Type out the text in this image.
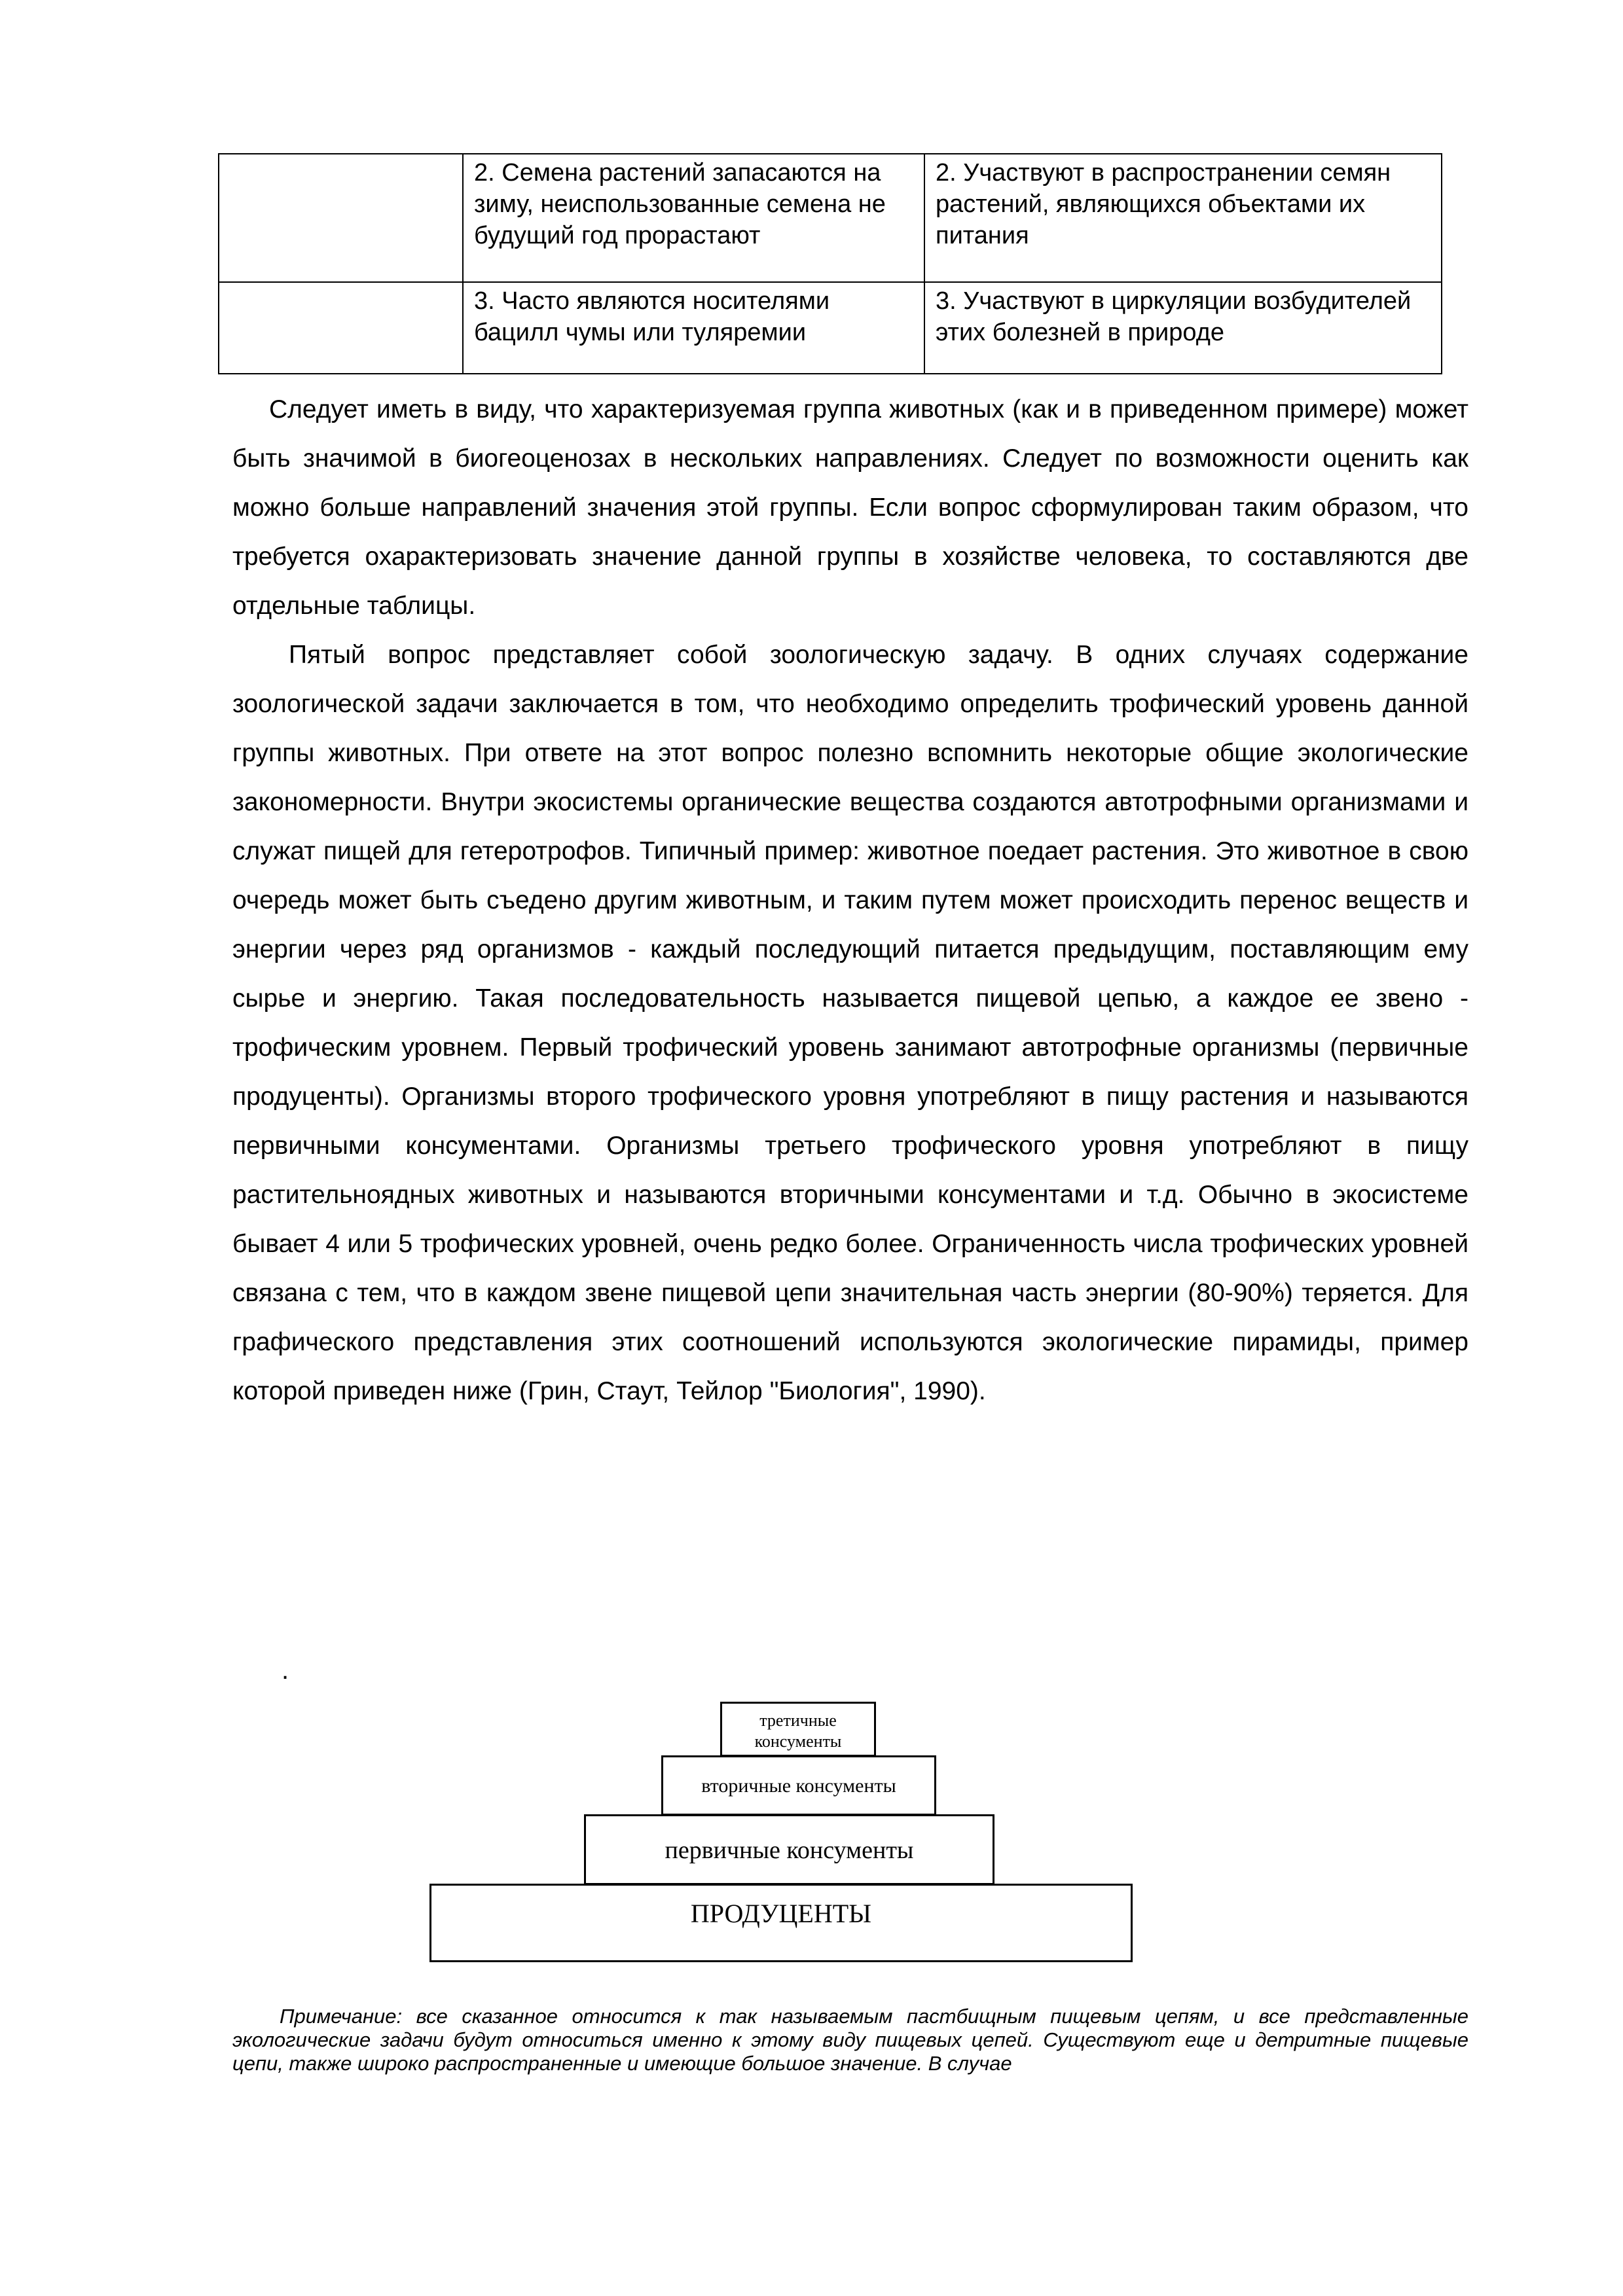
	2. Семена растений запасаются на зиму, неиспользованные семена не будущий год прорастают	2. Участвуют в распространении семян растений, являющихся объектами их питания
	3. Часто являются носителями бацилл чумы или туляремии	3. Участвуют в циркуляции возбудителей этих болезней в природе

Следует иметь в виду, что характеризуемая группа животных (как и в приведенном примере) может быть значимой в биогеоценозах в нескольких направлениях. Следует по возможности оценить как можно больше направлений значения этой группы. Если вопрос сформулирован таким образом, что требуется охарактеризовать значение данной группы в хозяйстве человека, то составляются две отдельные таблицы.

Пятый вопрос представляет собой зоологическую задачу. В одних случаях содержание зоологической задачи заключается в том, что необходимо определить трофический уровень данной группы животных. При ответе на этот вопрос полезно вспомнить некоторые общие экологические закономерности. Внутри экосистемы органические вещества создаются автотрофными организмами и служат пищей для гетеротрофов. Типичный пример: животное поедает растения. Это животное в свою очередь может быть съедено другим животным, и таким путем может происходить перенос веществ и энергии через ряд организмов - каждый последующий питается предыдущим, поставляющим ему сырье и энергию. Такая последовательность называется пищевой цепью, а каждое ее звено - трофическим уровнем. Первый трофический уровень занимают автотрофные организмы (первичные продуценты). Организмы второго трофического уровня употребляют в пищу растения и называются первичными консументами. Организмы третьего трофического уровня употребляют в пищу растительноядных животных и называются вторичными консументами и т.д. Обычно в экосистеме бывает 4 или 5 трофических уровней, очень редко более. Ограниченность числа трофических уровней связана с тем, что в каждом звене пищевой цепи значительная часть энергии (80-90%) теряется. Для графического представления этих соотношений используются экологические пирамиды, пример которой приведен ниже (Грин, Стаут, Тейлор "Биология", 1990).

.
третичные консументы
вторичные консументы
первичные консументы
ПРОДУЦЕНТЫ
Примечание: все сказанное относится к так называемым пастбищным пищевым цепям, и все представленные экологические задачи будут относиться именно к этому виду пищевых цепей. Существуют еще и детритные пищевые цепи, также широко распространенные и имеющие большое значение. В случае
